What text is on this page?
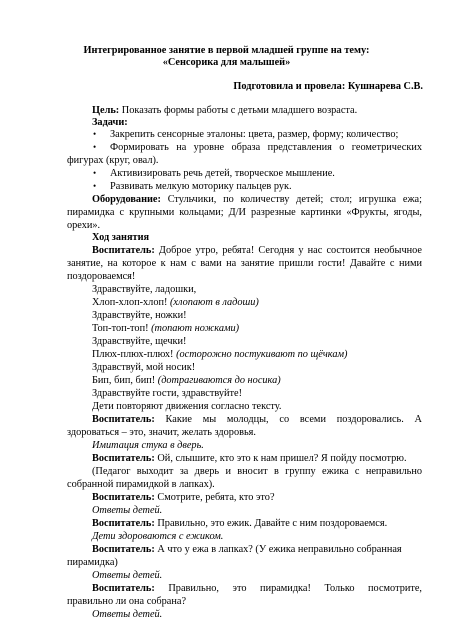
Интегрированное занятие в первой младшей группе на тему:
«Сенсорика для малышей»
Подготовила и провела: Кушнарева С.В.
Цель: Показать формы работы с детьми младшего возраста.
Задачи:
• Закрепить сенсорные эталоны: цвета, размер, форму; количество;
• Формировать на уровне образа представления о геометрических
фигурах (круг, овал).
• Активизировать речь детей, творческое мышление.
• Развивать мелкую моторику пальцев рук.
Оборудование: Стульчики, по количеству детей; стол; игрушка ежа;
пирамидка с крупными кольцами; Д/И разрезные картинки «Фрукты, ягоды,
орехи».
Ход занятия
Воспитатель: Доброе утро, ребята! Сегодня у нас состоится необычное
занятие, на которое к нам с вами на занятие пришли гости! Давайте с ними
поздороваемся!
Здравствуйте, ладошки,
Хлоп-хлоп-хлоп! (хлопают в ладоши)
Здравствуйте, ножки!
Топ-топ-топ! (топают ножками)
Здравствуйте, щечки!
Плюх-плюх-плюх! (осторожно постукивают по щёчкам)
Здравствуй, мой носик!
Бип, бип, бип! (дотрагиваются до носика)
Здравствуйте гости, здравствуйте!
Дети повторяют движения согласно тексту.
Воспитатель: Какие мы молодцы, со всеми поздоровались. А
здороваться – это, значит, желать здоровья.
Имитация стука в дверь.
Воспитатель: Ой, слышите, кто это к нам пришел? Я пойду посмотрю.
(Педагог выходит за дверь и вносит в группу ежика с неправильно
собранной пирамидкой в лапках).
Воспитатель: Смотрите, ребята, кто это?
Ответы детей.
Воспитатель: Правильно, это ежик. Давайте с ним поздороваемся.
Дети здороваются с ежиком.
Воспитатель: А что у ежа в лапках? (У ежика неправильно собранная
пирамидка)
Ответы детей.
Воспитатель: Правильно, это пирамидка! Только посмотрите,
правильно ли она собрана?
Ответы детей.
